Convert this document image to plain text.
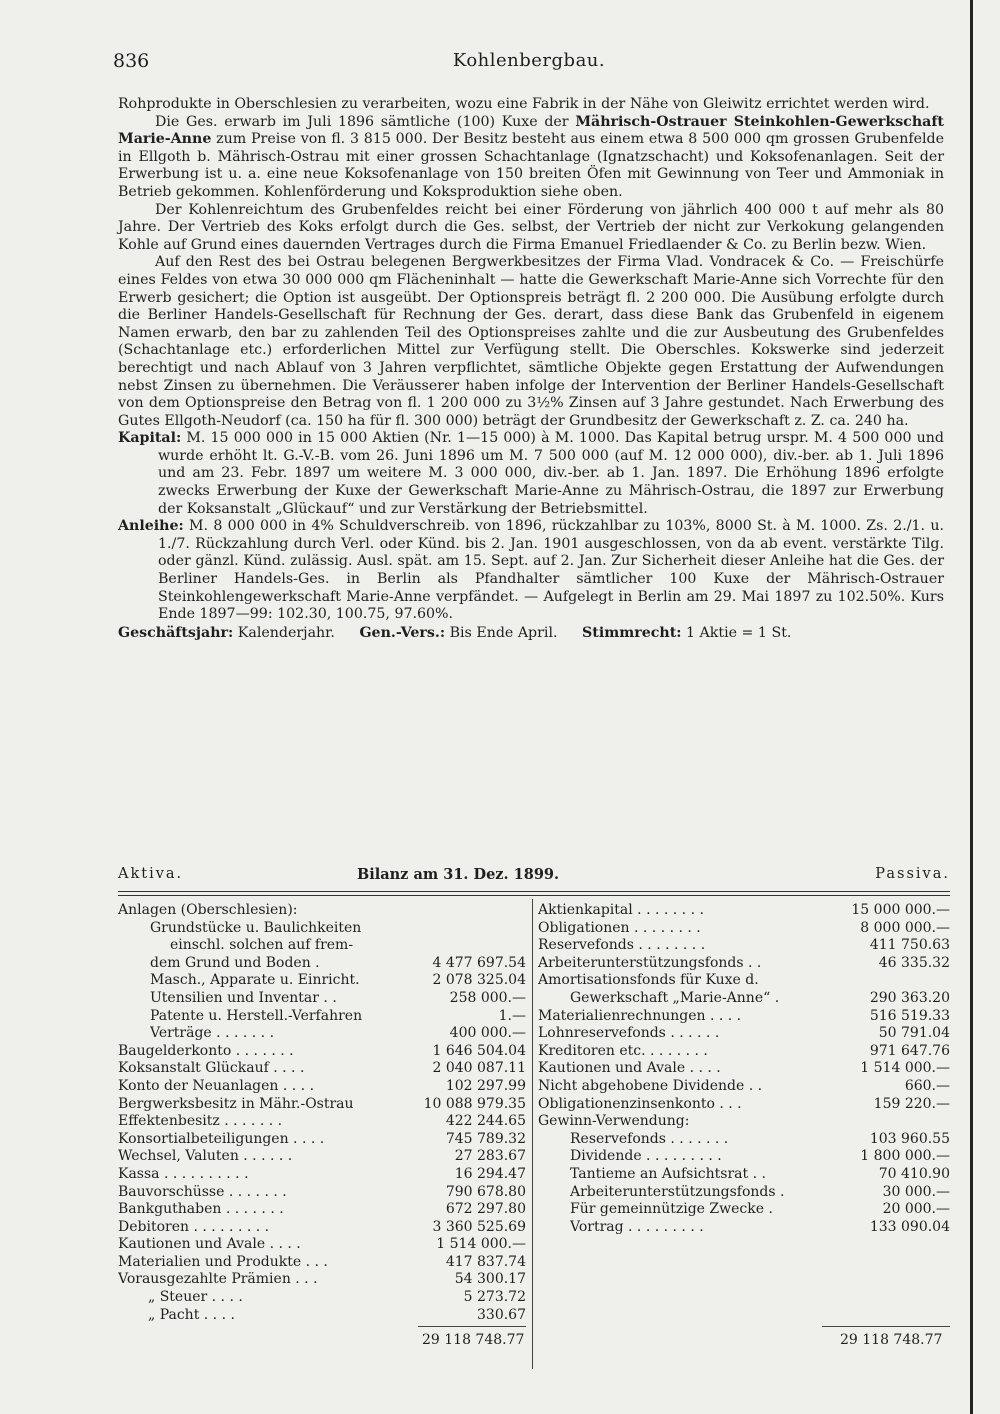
836	Kohlenbergbau.

Rohprodukte in Oberschlesien zu verarbeiten, wozu eine Fabrik in der Nähe von Gleiwitz errichtet werden wird.

Die Ges. erwarb im Juli 1896 sämtliche (100) Kuxe der Mährisch-Ostrauer Steinkohlen-Gewerkschaft Marie-Anne zum Preise von fl. 3 815 000. Der Besitz besteht aus einem etwa 8 500 000 qm grossen Grubenfelde in Ellgoth b. Mährisch-Ostrau mit einer grossen Schachtanlage (Ignatzschacht) und Koksofenanlagen. Seit der Erwerbung ist u. a. eine neue Koksofenanlage von 150 breiten Öfen mit Gewinnung von Teer und Ammoniak in Betrieb gekommen. Kohlenförderung und Koksproduktion siehe oben.

Der Kohlenreichtum des Grubenfeldes reicht bei einer Förderung von jährlich 400 000 t auf mehr als 80 Jahre. Der Vertrieb des Koks erfolgt durch die Ges. selbst, der Vertrieb der nicht zur Verkokung gelangenden Kohle auf Grund eines dauernden Vertrages durch die Firma Emanuel Friedlaender & Co. zu Berlin bezw. Wien.

Auf den Rest des bei Ostrau belegenen Bergwerkbesitzes der Firma Vlad. Vondracek & Co. — Freischürfe eines Feldes von etwa 30 000 000 qm Flächeninhalt — hatte die Gewerkschaft Marie-Anne sich Vorrechte für den Erwerb gesichert; die Option ist ausgeübt. Der Optionspreis beträgt fl. 2 200 000. Die Ausübung erfolgte durch die Berliner Handels-Gesellschaft für Rechnung der Ges. derart, dass diese Bank das Grubenfeld in eigenem Namen erwarb, den bar zu zahlenden Teil des Optionspreises zahlte und die zur Ausbeutung des Grubenfeldes (Schachtanlage etc.) erforderlichen Mittel zur Verfügung stellt. Die Oberschles. Kokswerke sind jederzeit berechtigt und nach Ablauf von 3 Jahren verpflichtet, sämtliche Objekte gegen Erstattung der Aufwendungen nebst Zinsen zu übernehmen. Die Veräusserer haben infolge der Intervention der Berliner Handels-Gesellschaft von dem Optionspreise den Betrag von fl. 1 200 000 zu 3½% Zinsen auf 3 Jahre gestundet. Nach Erwerbung des Gutes Ellgoth-Neudorf (ca. 150 ha für fl. 300 000) beträgt der Grundbesitz der Gewerkschaft z. Z. ca. 240 ha.

Kapital: M. 15 000 000 in 15 000 Aktien (Nr. 1—15 000) à M. 1000. Das Kapital betrug urspr. M. 4 500 000 und wurde erhöht lt. G.-V.-B. vom 26. Juni 1896 um M. 7 500 000 (auf M. 12 000 000), div.-ber. ab 1. Juli 1896 und am 23. Febr. 1897 um weitere M. 3 000 000, div.-ber. ab 1. Jan. 1897. Die Erhöhung 1896 erfolgte zwecks Erwerbung der Kuxe der Gewerkschaft Marie-Anne zu Mährisch-Ostrau, die 1897 zur Erwerbung der Koksanstalt „Glückauf“ und zur Verstärkung der Betriebsmittel.

Anleihe: M. 8 000 000 in 4% Schuldverschreib. von 1896, rückzahlbar zu 103%, 8000 St. à M. 1000. Zs. 2./1. u. 1./7. Rückzahlung durch Verl. oder Künd. bis 2. Jan. 1901 ausgeschlossen, von da ab event. verstärkte Tilg. oder gänzl. Künd. zulässig. Ausl. spät. am 15. Sept. auf 2. Jan. Zur Sicherheit dieser Anleihe hat die Ges. der Berliner Handels-Ges. in Berlin als Pfandhalter sämtlicher 100 Kuxe der Mährisch-Ostrauer Steinkohlengewerkschaft Marie-Anne verpfändet. — Aufgelegt in Berlin am 29. Mai 1897 zu 102.50%. Kurs Ende 1897—99: 102.30, 100.75, 97.60%.

Geschäftsjahr: Kalenderjahr. Gen.-Vers.: Bis Ende April. Stimmrecht: 1 Aktie = 1 St.

Aktiva.	Bilanz am 31. Dez. 1899.	Passiva.
Anlagen (Oberschlesien):
Grundstücke u. Baulichkeiten
einschl. solchen auf frem-
dem Grund und Boden .	4 477 697.54
Masch., Apparate u. Einricht.	2 078 325.04
Utensilien und Inventar . .	258 000.—
Patente u. Herstell.-Verfahren	1.—
Verträge . . . . . . .	400 000.—
Baugelderkonto . . . . . . .	1 646 504.04
Koksanstalt Glückauf . . . .	2 040 087.11
Konto der Neuanlagen . . . .	102 297.99
Bergwerksbesitz in Mähr.-Ostrau	10 088 979.35
Effektenbesitz . . . . . . .	422 244.65
Konsortialbeteiligungen . . . .	745 789.32
Wechsel, Valuten . . . . . .	27 283.67
Kassa . . . . . . . . . .	16 294.47
Bauvorschüsse . . . . . . .	790 678.80
Bankguthaben . . . . . . .	672 297.80
Debitoren . . . . . . . . .	3 360 525.69
Kautionen und Avale . . . .	1 514 000.—
Materialien und Produkte . . .	417 837.74
Vorausgezahlte Prämien . . .	54 300.17
„ Steuer . . . .	5 273.72
„ Pacht . . . .	330.67
Aktienkapital . . . . . . . .	15 000 000.—
Obligationen . . . . . . . .	8 000 000.—
Reservefonds . . . . . . . .	411 750.63
Arbeiterunterstützungsfonds . .	46 335.32
Amortisationsfonds für Kuxe d.
Gewerkschaft „Marie-Anne“ .	290 363.20
Materialienrechnungen . . . .	516 519.33
Lohnreservefonds . . . . . .	50 791.04
Kreditoren etc. . . . . . . .	971 647.76
Kautionen und Avale . . . .	1 514 000.—
Nicht abgehobene Dividende . .	660.—
Obligationenzinsenkonto . . .	159 220.—
Gewinn-Verwendung:
Reservefonds . . . . . . .	103 960.55
Dividende . . . . . . . . .	1 800 000.—
Tantieme an Aufsichtsrat . .	70 410.90
Arbeiterunterstützungsfonds .	30 000.—
Für gemeinnützige Zwecke .	20 000.—
Vortrag . . . . . . . . .	133 090.04
29 118 748.77	29 118 748.77
